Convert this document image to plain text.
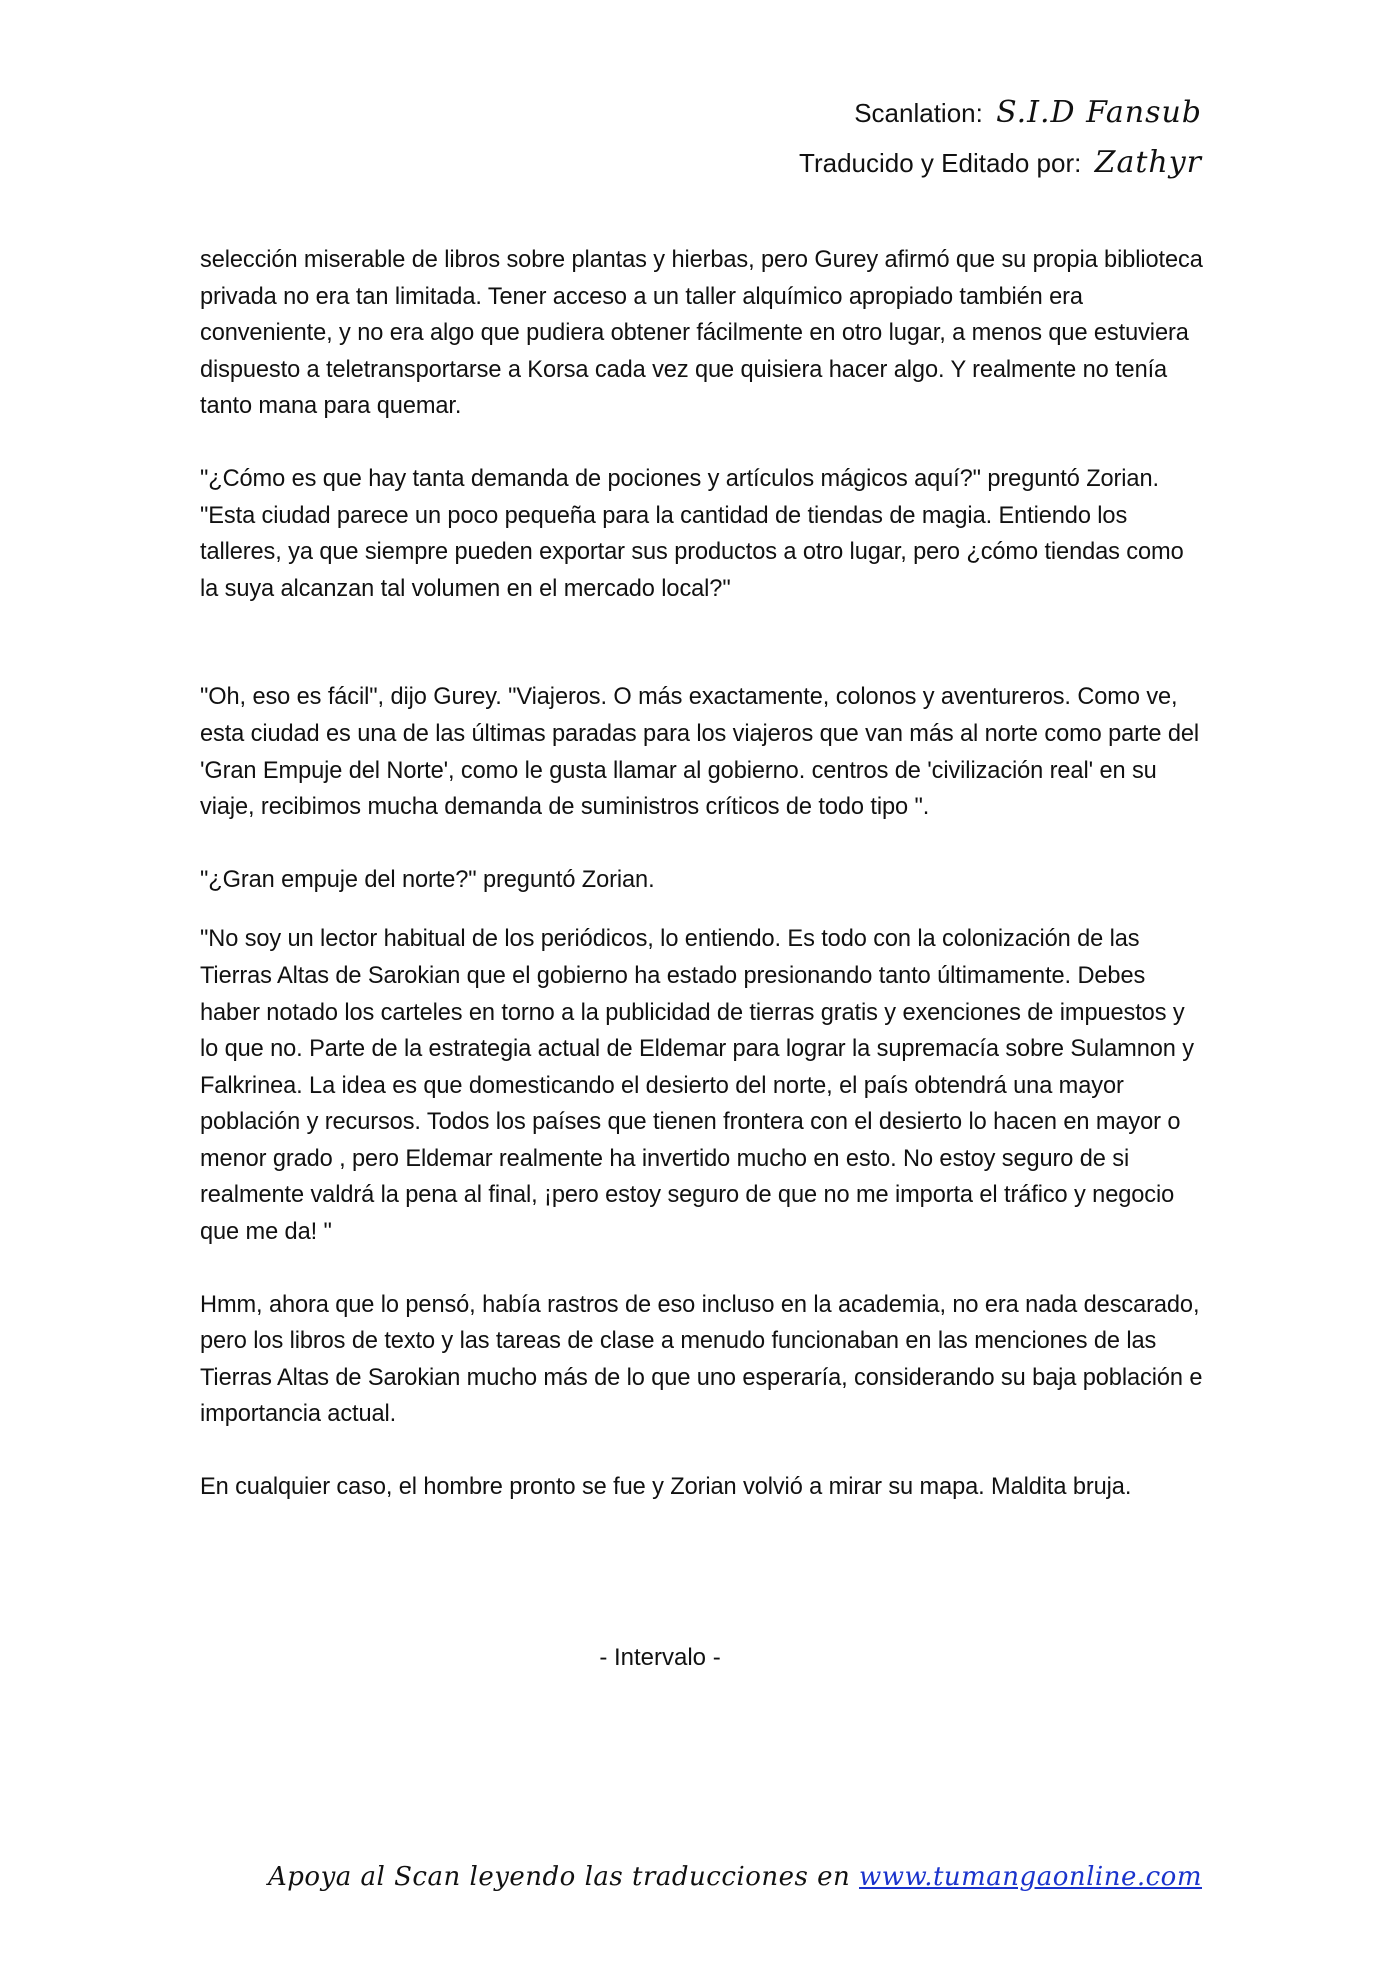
Scanlation: S.I.D Fansub
Traducido y Editado por: Zathyr

selección miserable de libros sobre plantas y hierbas, pero Gurey afirmó que su propia biblioteca privada no era tan limitada. Tener acceso a un taller alquímico apropiado también era conveniente, y no era algo que pudiera obtener fácilmente en otro lugar, a menos que estuviera dispuesto a teletransportarse a Korsa cada vez que quisiera hacer algo. Y realmente no tenía tanto mana para quemar.

"¿Cómo es que hay tanta demanda de pociones y artículos mágicos aquí?" preguntó Zorian. "Esta ciudad parece un poco pequeña para la cantidad de tiendas de magia. Entiendo los talleres, ya que siempre pueden exportar sus productos a otro lugar, pero ¿cómo tiendas como la suya alcanzan tal volumen en el mercado local?"

"Oh, eso es fácil", dijo Gurey. "Viajeros. O más exactamente, colonos y aventureros. Como ve, esta ciudad es una de las últimas paradas para los viajeros que van más al norte como parte del 'Gran Empuje del Norte', como le gusta llamar al gobierno. centros de 'civilización real' en su viaje, recibimos mucha demanda de suministros críticos de todo tipo ".

"¿Gran empuje del norte?" preguntó Zorian.

"No soy un lector habitual de los periódicos, lo entiendo. Es todo con la colonización de las Tierras Altas de Sarokian que el gobierno ha estado presionando tanto últimamente. Debes haber notado los carteles en torno a la publicidad de tierras gratis y exenciones de impuestos y lo que no. Parte de la estrategia actual de Eldemar para lograr la supremacía sobre Sulamnon y Falkrinea. La idea es que domesticando el desierto del norte, el país obtendrá una mayor población y recursos. Todos los países que tienen frontera con el desierto lo hacen en mayor o menor grado , pero Eldemar realmente ha invertido mucho en esto. No estoy seguro de si realmente valdrá la pena al final, ¡pero estoy seguro de que no me importa el tráfico y negocio que me da! "

Hmm, ahora que lo pensó, había rastros de eso incluso en la academia, no era nada descarado, pero los libros de texto y las tareas de clase a menudo funcionaban en las menciones de las Tierras Altas de Sarokian mucho más de lo que uno esperaría, considerando su baja población e importancia actual.

En cualquier caso, el hombre pronto se fue y Zorian volvió a mirar su mapa. Maldita bruja.

- Intervalo -
Apoya al Scan leyendo las traducciones en www.tumangaonline.com
